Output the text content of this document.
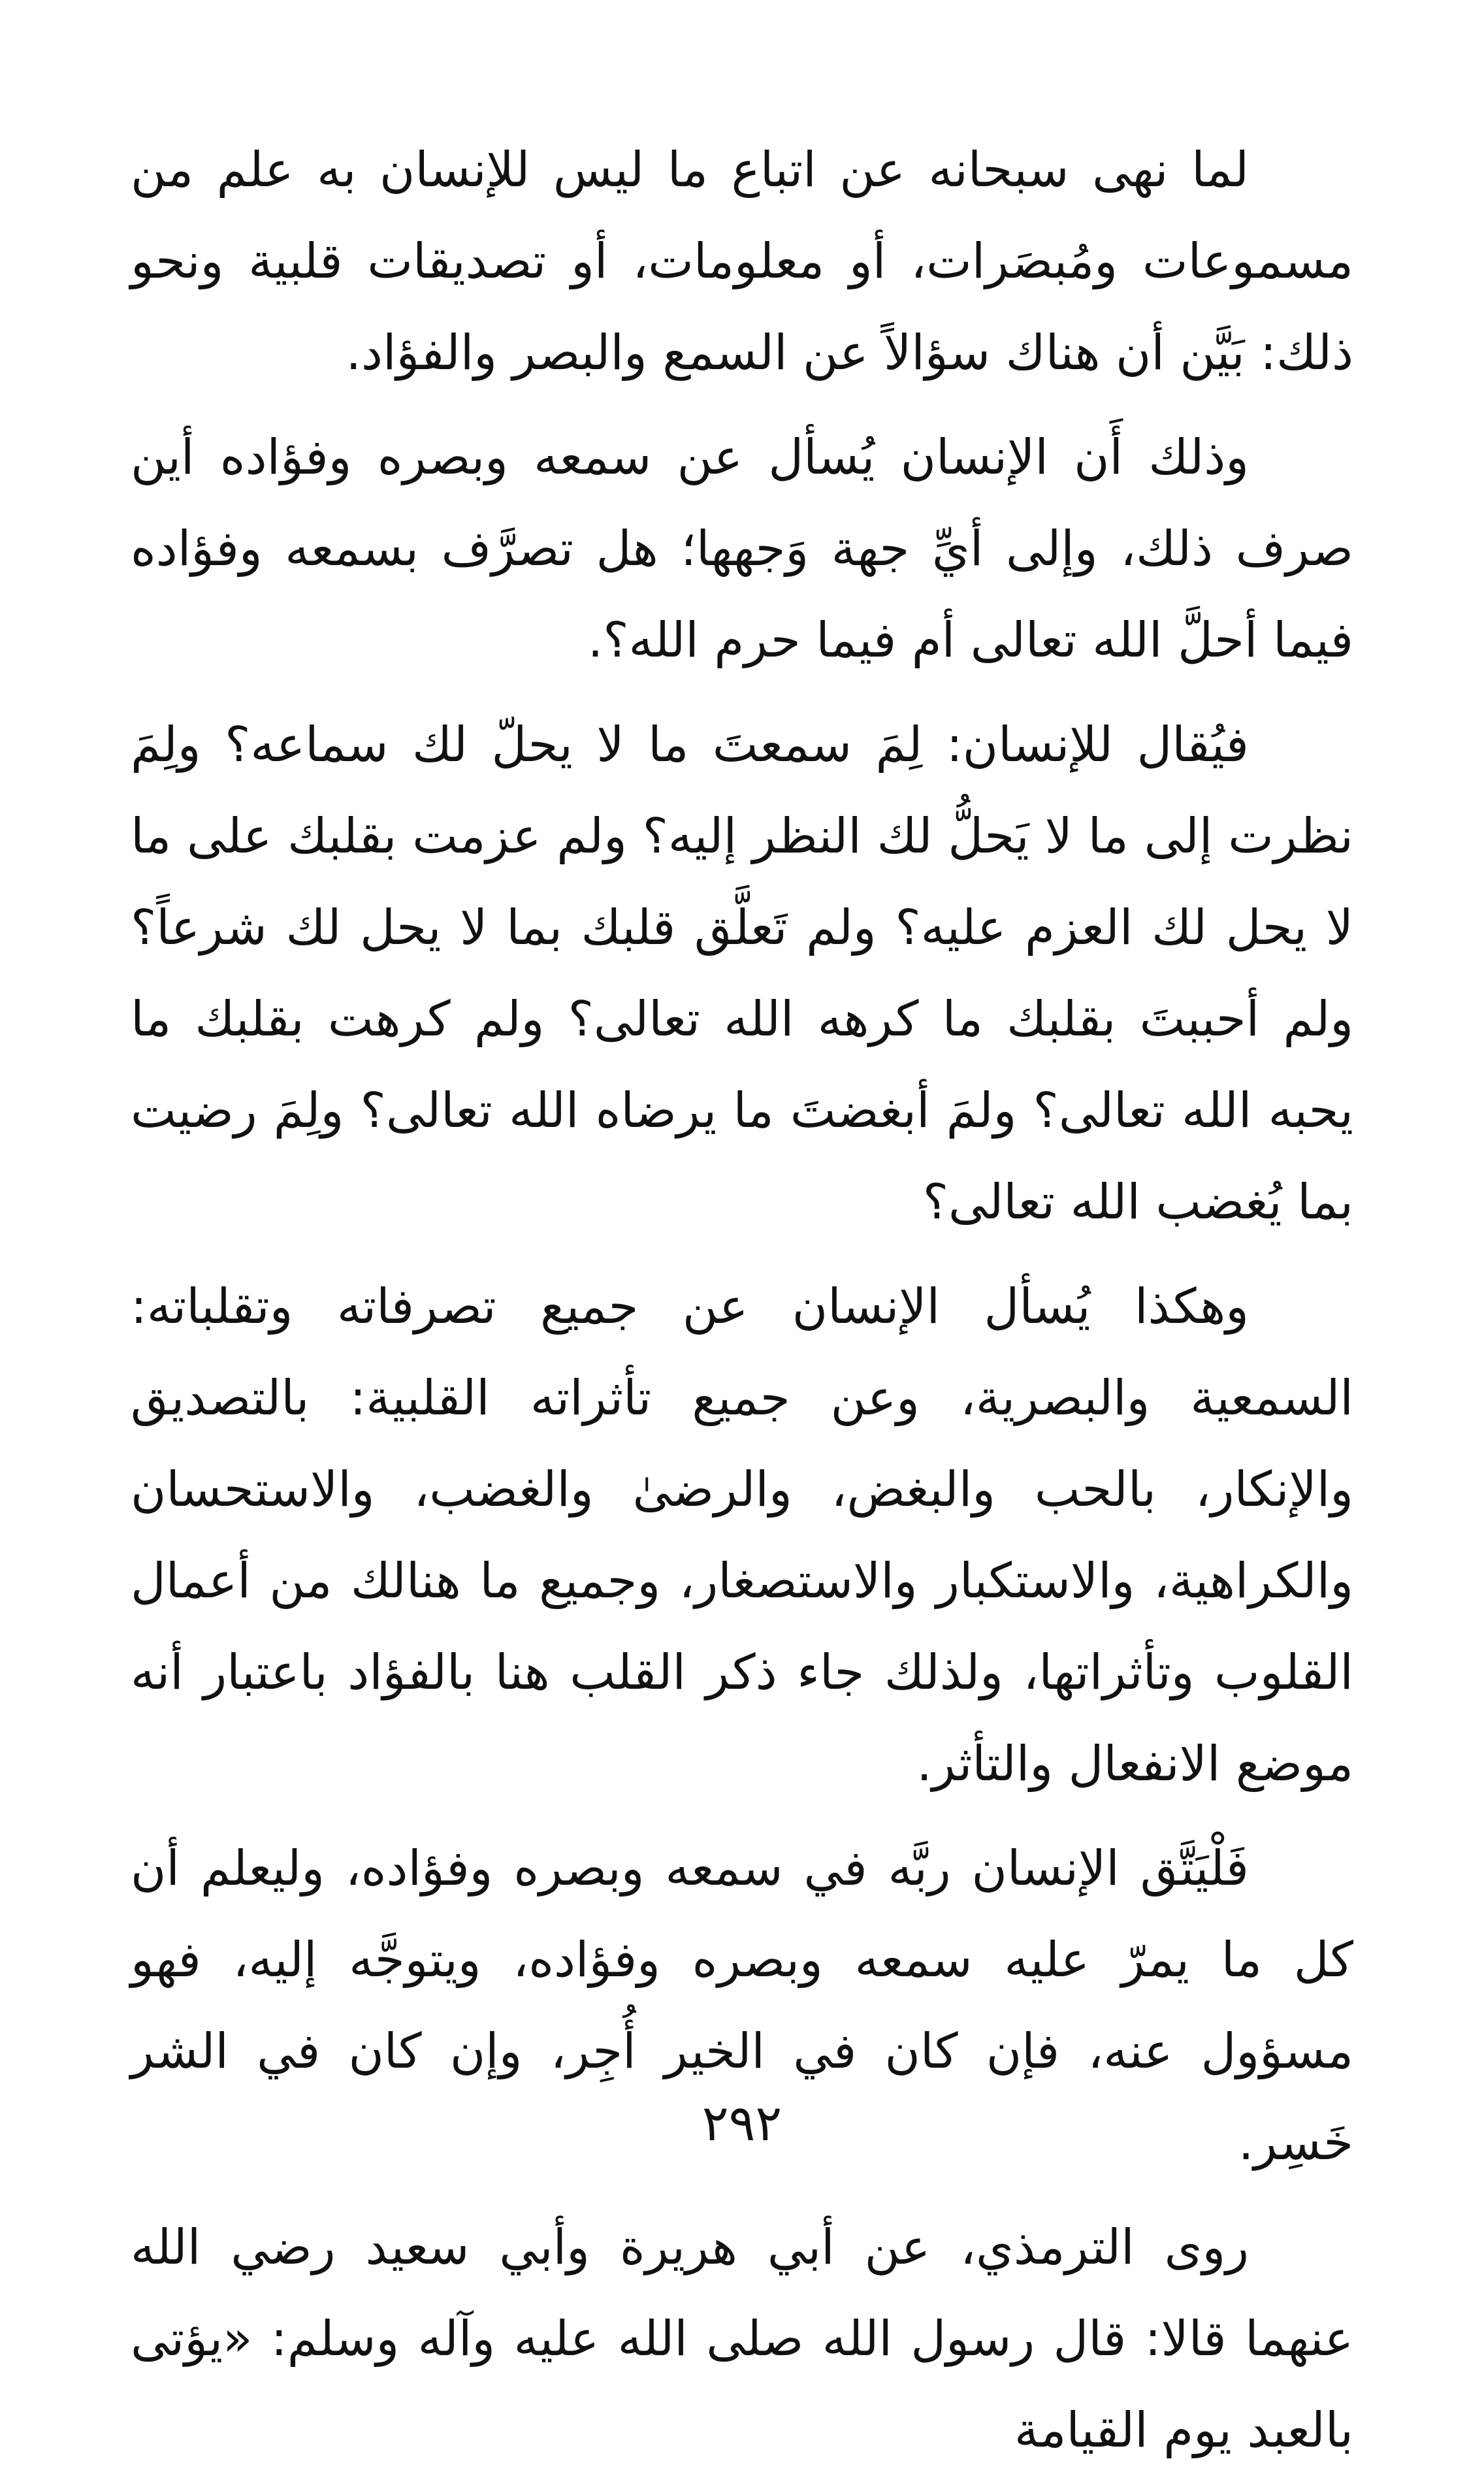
لما نهى سبحانه عن اتباع ما ليس للإنسان به علم من مسموعات ومُبصَرات، أو معلومات، أو تصديقات قلبية ونحو ذلك: بَيَّن أن هناك سؤالاً عن السمع والبصر والفؤاد.

وذلك أَن الإنسان يُسأل عن سمعه وبصره وفؤاده أين صرف ذلك، وإلى أيِّ جهة وَجهها؛ هل تصرَّف بسمعه وفؤاده فيما أحلَّ الله تعالى أم فيما حرم الله؟.

فيُقال للإنسان: لِمَ سمعتَ ما لا يحلّ لك سماعه؟ ولِمَ نظرت إلى ما لا يَحلُّ لك النظر إليه؟ ولم عزمت بقلبك على ما لا يحل لك العزم عليه؟ ولم تَعلَّق قلبك بما لا يحل لك شرعاً؟ ولم أحببتَ بقلبك ما كرهه الله تعالى؟ ولم كرهت بقلبك ما يحبه الله تعالى؟ ولمَ أبغضتَ ما يرضاه الله تعالى؟ ولِمَ رضيت بما يُغضب الله تعالى؟

وهكذا يُسأل الإنسان عن جميع تصرفاته وتقلباته: السمعية والبصرية، وعن جميع تأثراته القلبية: بالتصديق والإنكار، بالحب والبغض، والرضىٰ والغضب، والاستحسان والكراهية، والاستكبار والاستصغار، وجميع ما هنالك من أعمال القلوب وتأثراتها، ولذلك جاء ذكر القلب هنا بالفؤاد باعتبار أنه موضع الانفعال والتأثر.

فَلْيَتَّق الإنسان ربَّه في سمعه وبصره وفؤاده، وليعلم أن كل ما يمرّ عليه سمعه وبصره وفؤاده، ويتوجَّه إليه، فهو مسؤول عنه، فإن كان في الخير أُجِر، وإن كان في الشر خَسِر.

روى الترمذي، عن أبي هريرة وأبي سعيد رضي الله عنهما قالا: قال رسول الله صلى الله عليه وآله وسلم: «يؤتى بالعبد يوم القيامة

٢٩٢
